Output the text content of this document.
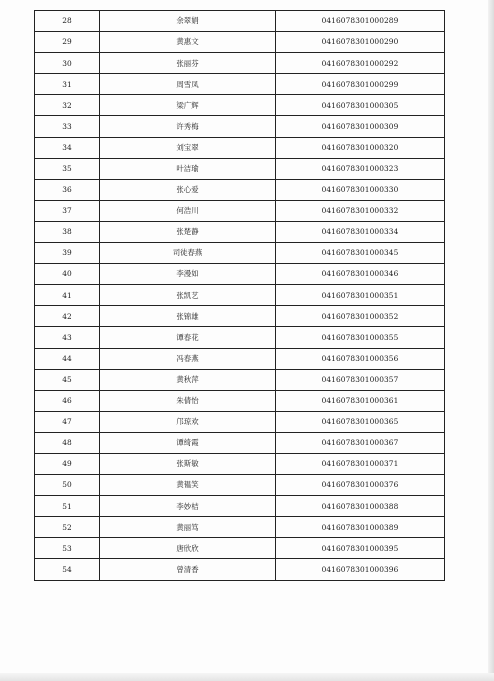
28	余翠娟	0416078301000289
29	黄惠文	0416078301000290
30	张丽芬	0416078301000292
31	周雪凤	0416078301000299
32	梁广辉	0416078301000305
33	许秀梅	0416078301000309
34	刘宝翠	0416078301000320
35	叶洁瑜	0416078301000323
36	张心爱	0416078301000330
37	何浩川	0416078301000332
38	张楚静	0416078301000334
39	司徒春燕	0416078301000345
40	李漫如	0416078301000346
41	张凯艺	0416078301000351
42	张锦雄	0416078301000352
43	谭春花	0416078301000355
44	冯春燕	0416078301000356
45	黄秋萍	0416078301000357
46	朱倩怡	0416078301000361
47	邝琼欢	0416078301000365
48	谭绮霞	0416078301000367
49	张斯敏	0416078301000371
50	黄韫笑	0416078301000376
51	李妙桔	0416078301000388
52	黄丽笃	0416078301000389
53	唐欣欣	0416078301000395
54	曾清香	0416078301000396
